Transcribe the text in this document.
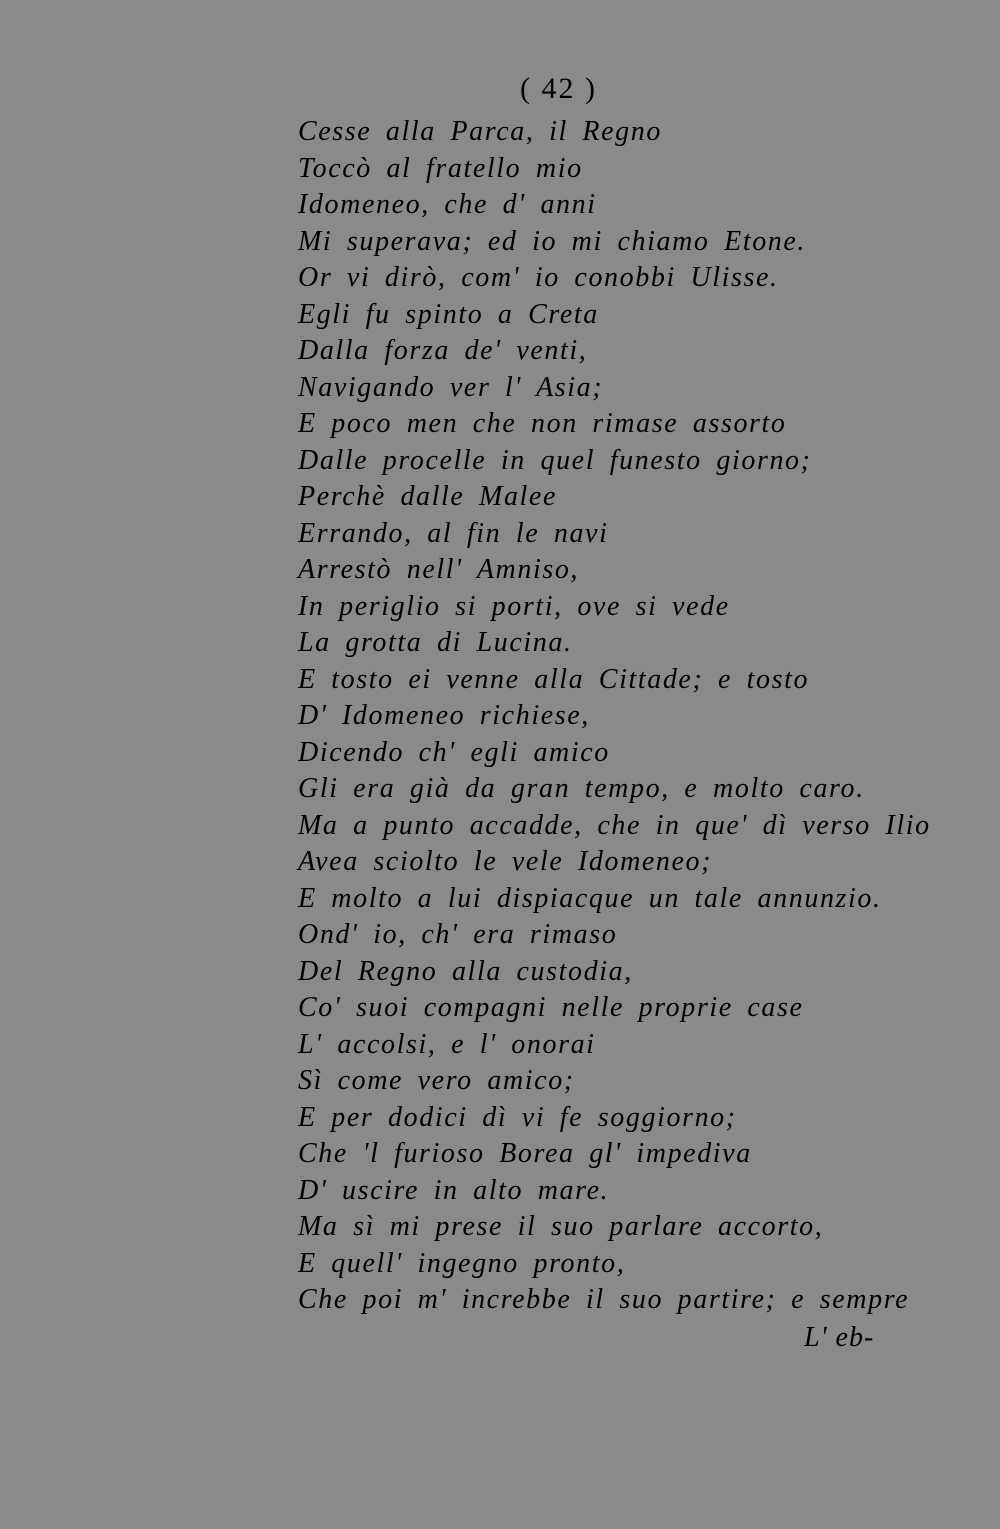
( 42 )
Cesse alla Parca, il Regno
Toccò al fratello mio
Idomeneo, che d' anni
Mi superava; ed io mi chiamo Etone.
Or vi dirò, com' io conobbi Ulisse.
Egli fu spinto a Creta
Dalla forza de' venti,
Navigando ver l' Asia;
E poco men che non rimase assorto
Dalle procelle in quel funesto giorno;
Perchè dalle Malee
Errando, al fin le navi
Arrestò nell' Amniso,
In periglio si porti, ove si vede
La grotta di Lucina.
E tosto ei venne alla Cittade; e tosto
D' Idomeneo richiese,
Dicendo ch' egli amico
Gli era già da gran tempo, e molto caro.
Ma a punto accadde, che in que' dì verso Ilio
Avea sciolto le vele Idomeneo;
E molto a lui dispiacque un tale annunzio.
Ond' io, ch' era rimaso
Del Regno alla custodia,
Co' suoi compagni nelle proprie case
L' accolsi, e l' onorai
Sì come vero amico;
E per dodici dì vi fe soggiorno;
Che 'l furioso Borea gl' impediva
D' uscire in alto mare.
Ma sì mi prese il suo parlare accorto,
E quell' ingegno pronto,
Che poi m' increbbe il suo partire; e sempre
L' eb-
